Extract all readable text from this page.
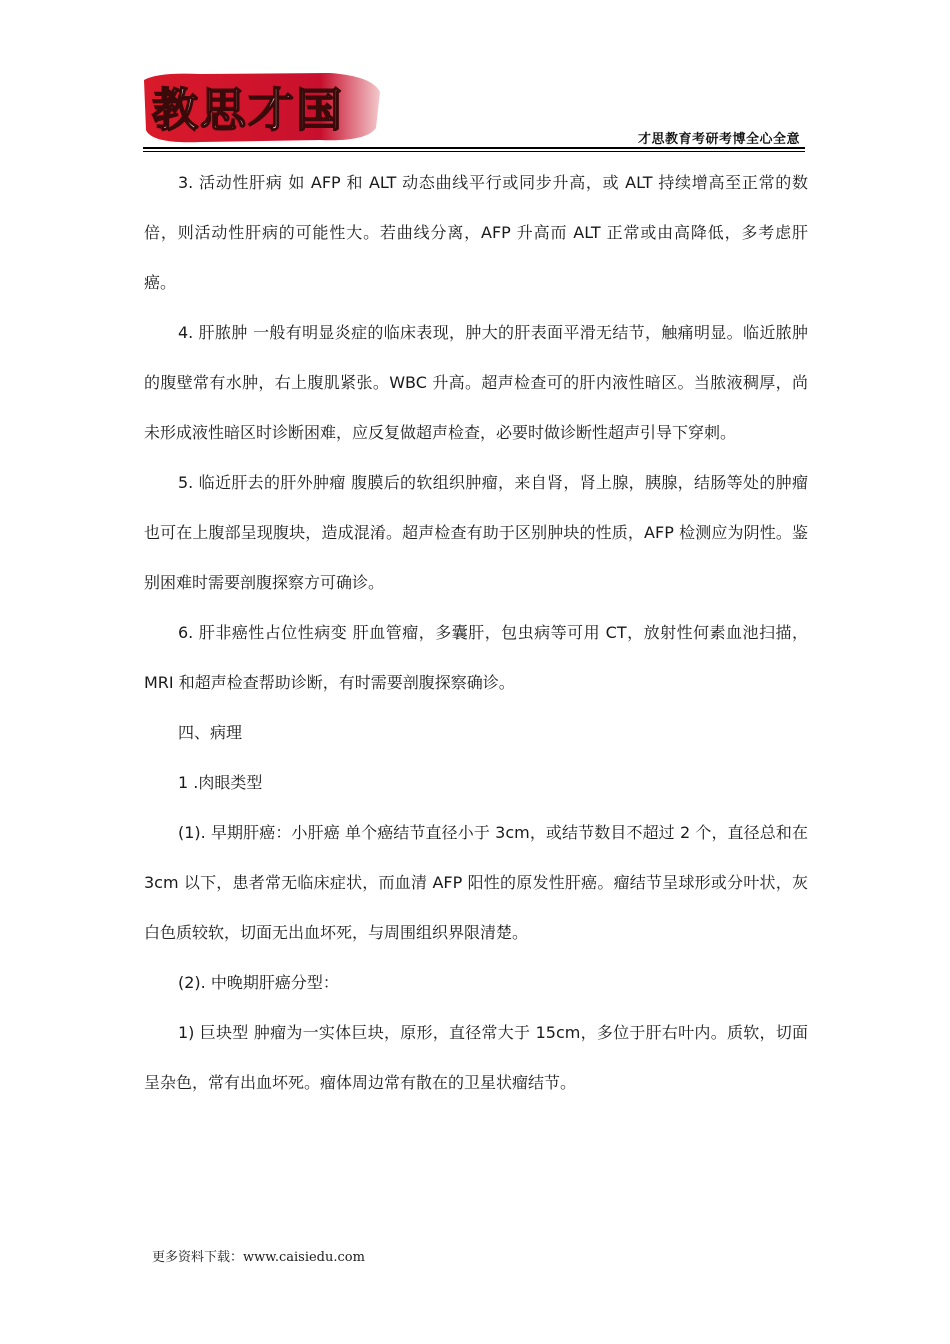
教思才国
才思教育考研考博全心全意

3. 活动性肝病 如 AFP 和 ALT 动态曲线平行或同步升高，或 ALT 持续增高至正常的数倍，则活动性肝病的可能性大。若曲线分离，AFP 升高而 ALT 正常或由高降低，多考虑肝癌。

4. 肝脓肿 一般有明显炎症的临床表现，肿大的肝表面平滑无结节，触痛明显。临近脓肿的腹壁常有水肿，右上腹肌紧张。WBC 升高。超声检查可的肝内液性暗区。当脓液稠厚，尚未形成液性暗区时诊断困难，应反复做超声检查，必要时做诊断性超声引导下穿刺。

5. 临近肝去的肝外肿瘤 腹膜后的软组织肿瘤，来自肾，肾上腺，胰腺，结肠等处的肿瘤也可在上腹部呈现腹块，造成混淆。超声检查有助于区别肿块的性质，AFP 检测应为阴性。鉴别困难时需要剖腹探察方可确诊。

6. 肝非癌性占位性病变 肝血管瘤，多囊肝，包虫病等可用 CT，放射性何素血池扫描，MRI 和超声检查帮助诊断，有时需要剖腹探察确诊。

四、病理

1 .肉眼类型

(1). 早期肝癌：小肝癌 单个癌结节直径小于 3cm，或结节数目不超过 2 个，直径总和在 3cm 以下，患者常无临床症状，而血清 AFP 阳性的原发性肝癌。瘤结节呈球形或分叶状，灰白色质较软，切面无出血坏死，与周围组织界限清楚。

(2). 中晚期肝癌分型：

1) 巨块型 肿瘤为一实体巨块，原形，直径常大于 15cm，多位于肝右叶内。质软，切面呈杂色，常有出血坏死。瘤体周边常有散在的卫星状瘤结节。

更多资料下载：www.caisiedu.com
